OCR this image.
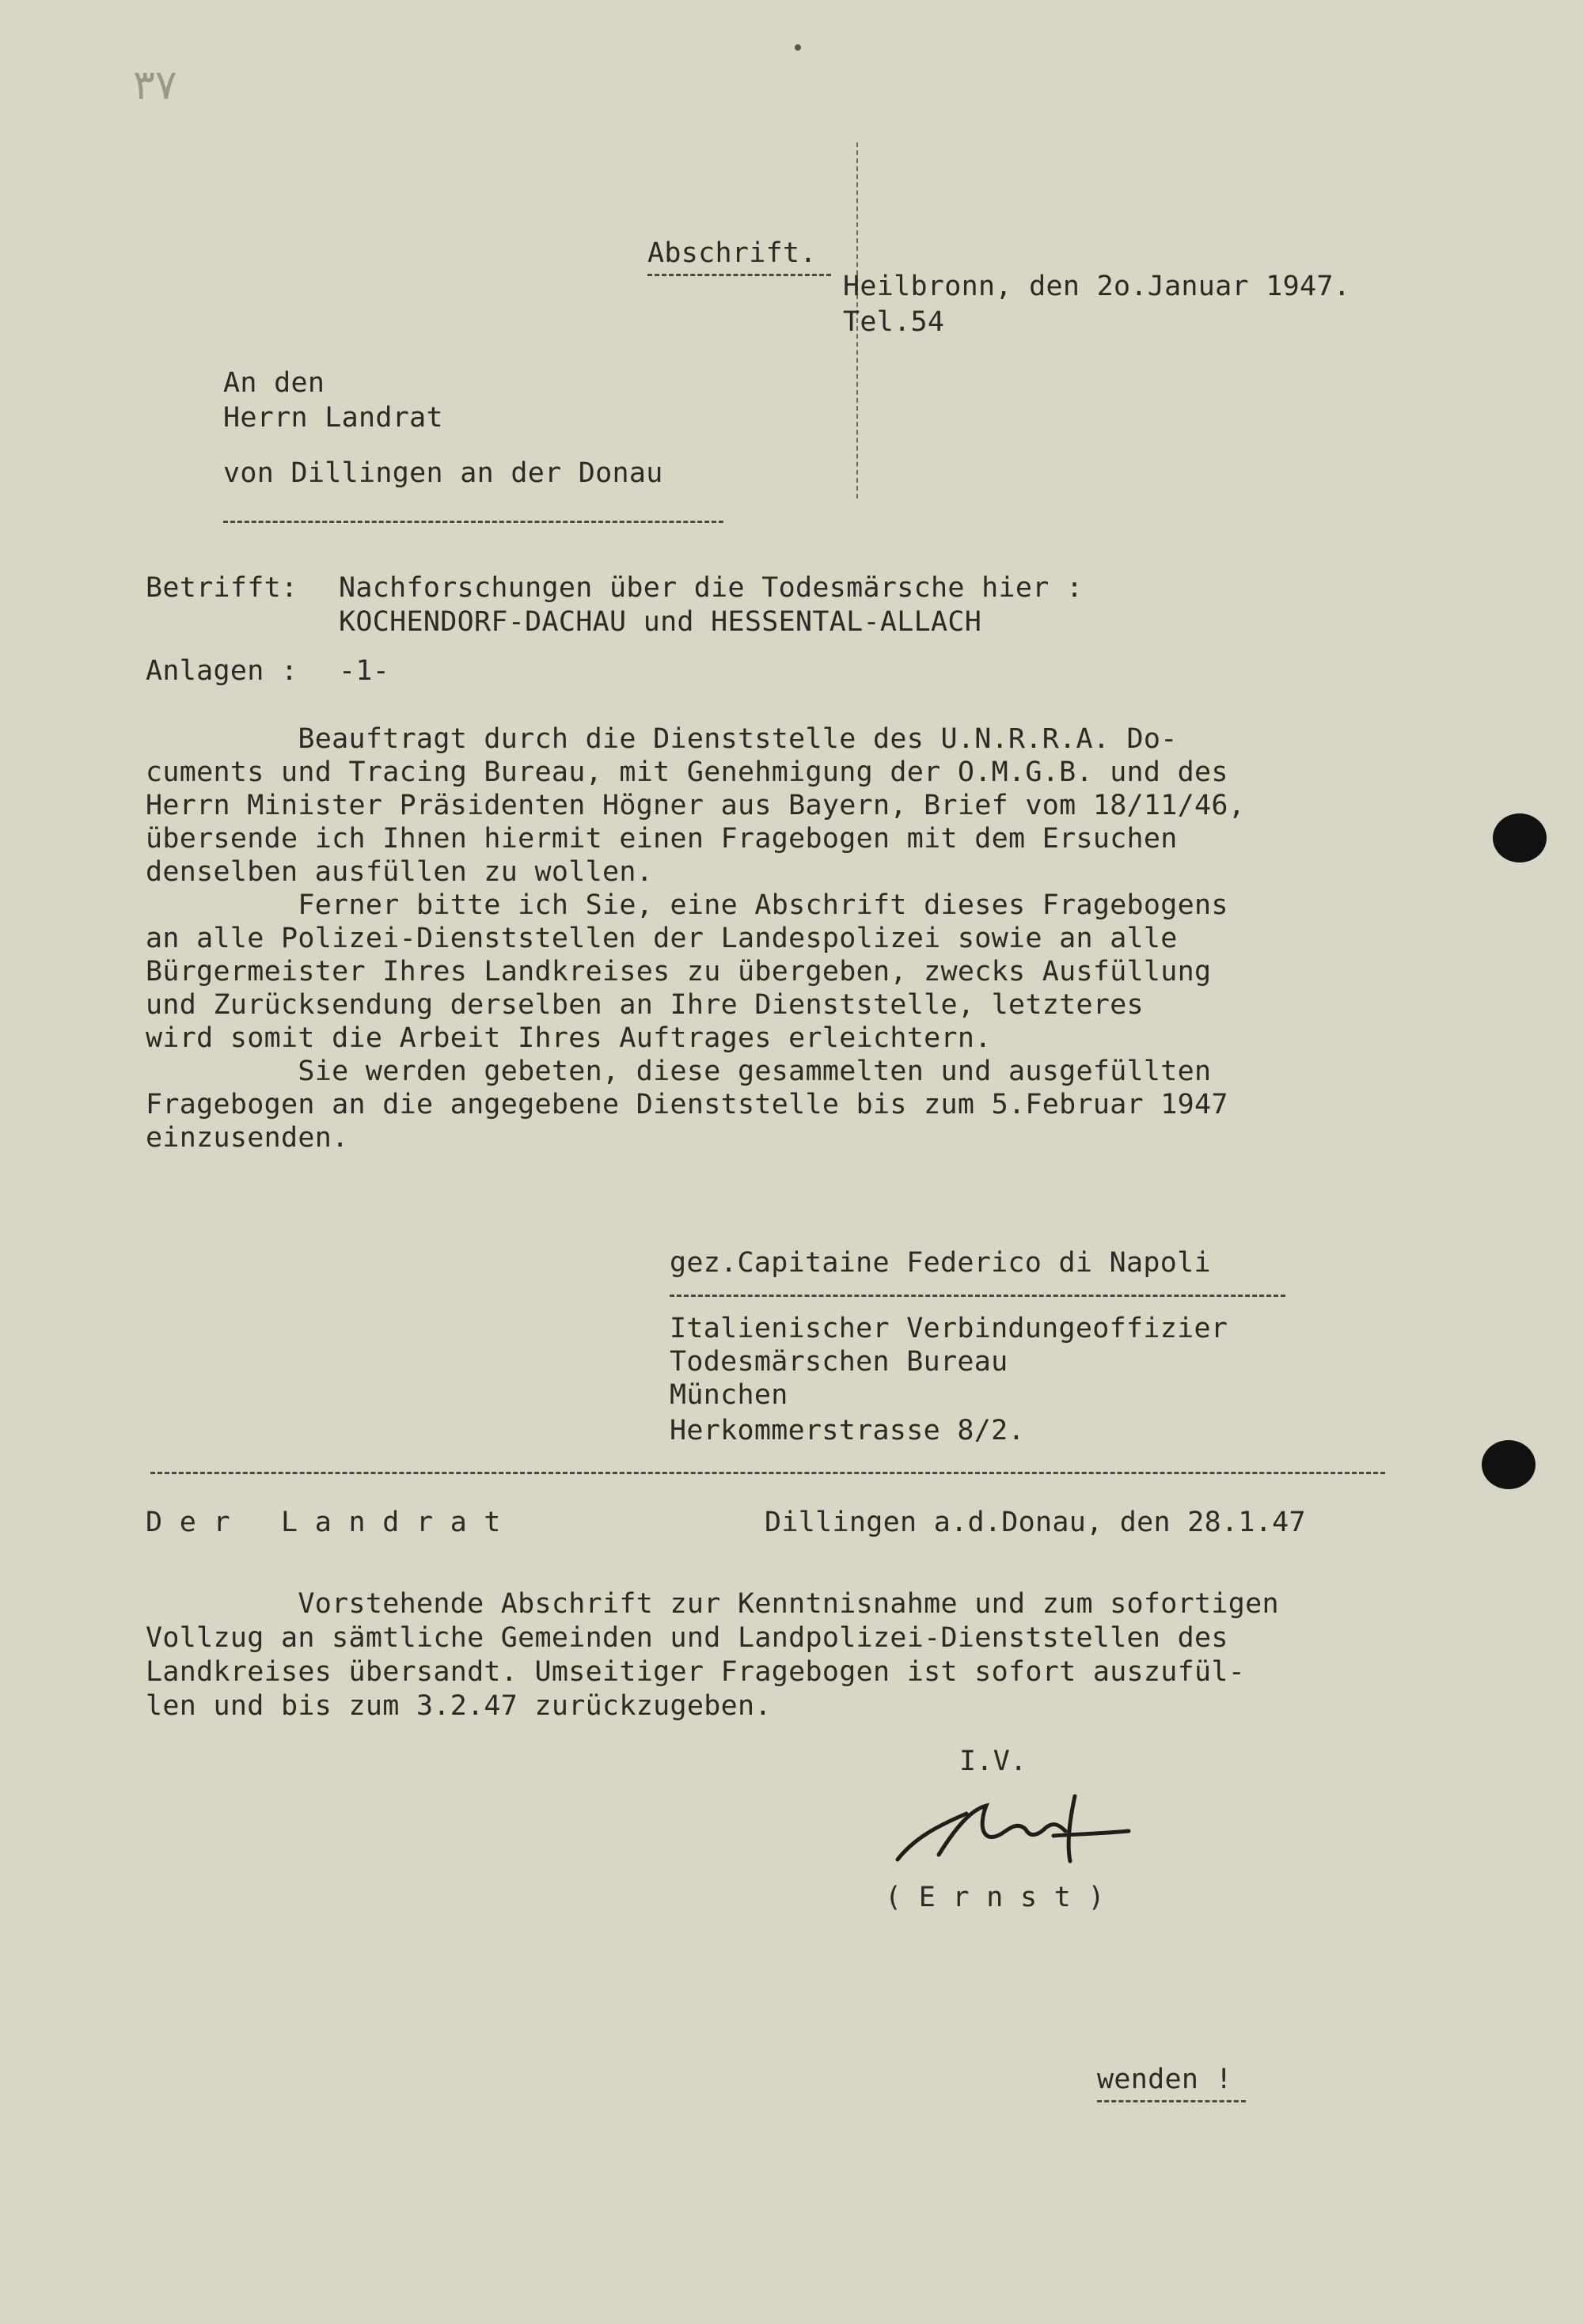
٣٧
Abschrift.
Heilbronn, den 2o.Januar 1947.
Tel.54
An den
Herrn Landrat
von Dillingen an der Donau
Betrifft: Nachforschungen über die Todesmärsche hier :
KOCHENDORF-DACHAU und HESSENTAL-ALLACH
Anlagen : -1-
Beauftragt durch die Dienststelle des U.N.R.R.A. Do-
cuments und Tracing Bureau, mit Genehmigung der O.M.G.B. und des
Herrn Minister Präsidenten Högner aus Bayern, Brief vom 18/11/46,
übersende ich Ihnen hiermit einen Fragebogen mit dem Ersuchen
denselben ausfüllen zu wollen.
Ferner bitte ich Sie, eine Abschrift dieses Fragebogens
an alle Polizei-Dienststellen der Landespolizei sowie an alle
Bürgermeister Ihres Landkreises zu übergeben, zwecks Ausfüllung
und Zurücksendung derselben an Ihre Dienststelle, letzteres
wird somit die Arbeit Ihres Auftrages erleichtern.
Sie werden gebeten, diese gesammelten und ausgefüllten
Fragebogen an die angegebene Dienststelle bis zum 5.Februar 1947
einzusenden.
gez.Capitaine Federico di Napoli
Italienischer Verbindungeoffizier
Todesmärschen Bureau
München
Herkommerstrasse 8/2.
D e r   L a n d r a t	Dillingen a.d.Donau, den 28.1.47
Vorstehende Abschrift zur Kenntnisnahme und zum sofortigen
Vollzug an sämtliche Gemeinden und Landpolizei-Dienststellen des
Landkreises übersandt. Umseitiger Fragebogen ist sofort auszufül-
len und bis zum 3.2.47 zurückzugeben.
I.V.
( E r n s t )
wenden !
